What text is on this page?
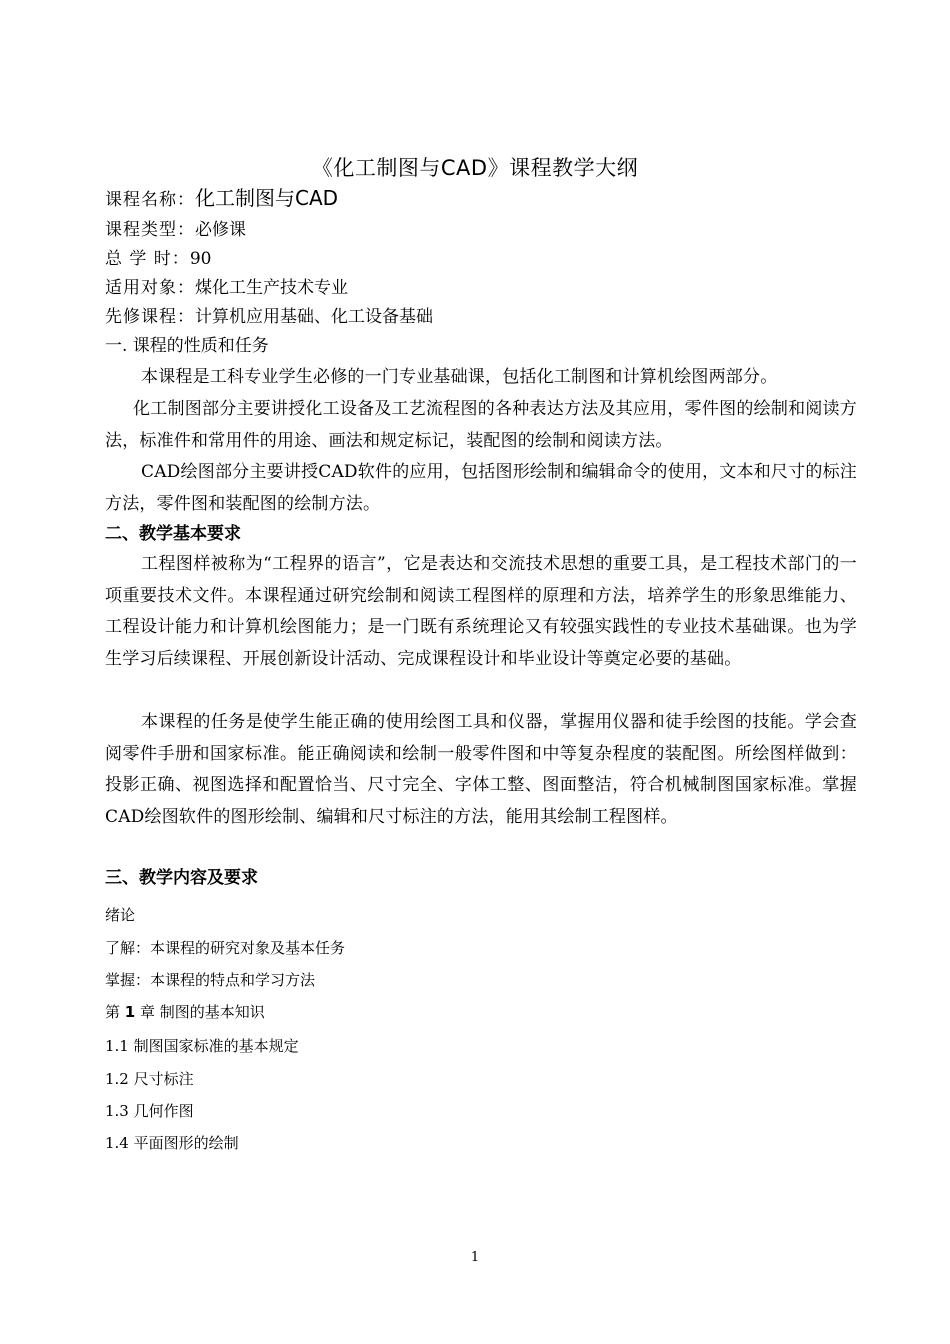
《化工制图与CAD》课程教学大纲
课程名称：化工制图与CAD
课程类型：必修课
总 学 时：90
适用对象：煤化工生产技术专业
先修课程：计算机应用基础、化工设备基础
一. 课程的性质和任务
本课程是工科专业学生必修的一门专业基础课，包括化工制图和计算机绘图两部分。
化工制图部分主要讲授化工设备及工艺流程图的各种表达方法及其应用，零件图的绘制和阅读方法，标准件和常用件的用途、画法和规定标记，装配图的绘制和阅读方法。
CAD绘图部分主要讲授CAD软件的应用，包括图形绘制和编辑命令的使用，文本和尺寸的标注方法，零件图和装配图的绘制方法。
二、教学基本要求
工程图样被称为“工程界的语言”，它是表达和交流技术思想的重要工具，是工程技术部门的一项重要技术文件。本课程通过研究绘制和阅读工程图样的原理和方法，培养学生的形象思维能力、工程设计能力和计算机绘图能力；是一门既有系统理论又有较强实践性的专业技术基础课。也为学生学习后续课程、开展创新设计活动、完成课程设计和毕业设计等奠定必要的基础。
本课程的任务是使学生能正确的使用绘图工具和仪器，掌握用仪器和徒手绘图的技能。学会查阅零件手册和国家标准。能正确阅读和绘制一般零件图和中等复杂程度的装配图。所绘图样做到：投影正确、视图选择和配置恰当、尺寸完全、字体工整、图面整洁，符合机械制图国家标准。掌握CAD绘图软件的图形绘制、编辑和尺寸标注的方法，能用其绘制工程图样。
三、教学内容及要求
绪论
了解：本课程的研究对象及基本任务
掌握：本课程的特点和学习方法
第 1 章 制图的基本知识
1.1 制图国家标准的基本规定
1.2 尺寸标注
1.3 几何作图
1.4 平面图形的绘制
1
